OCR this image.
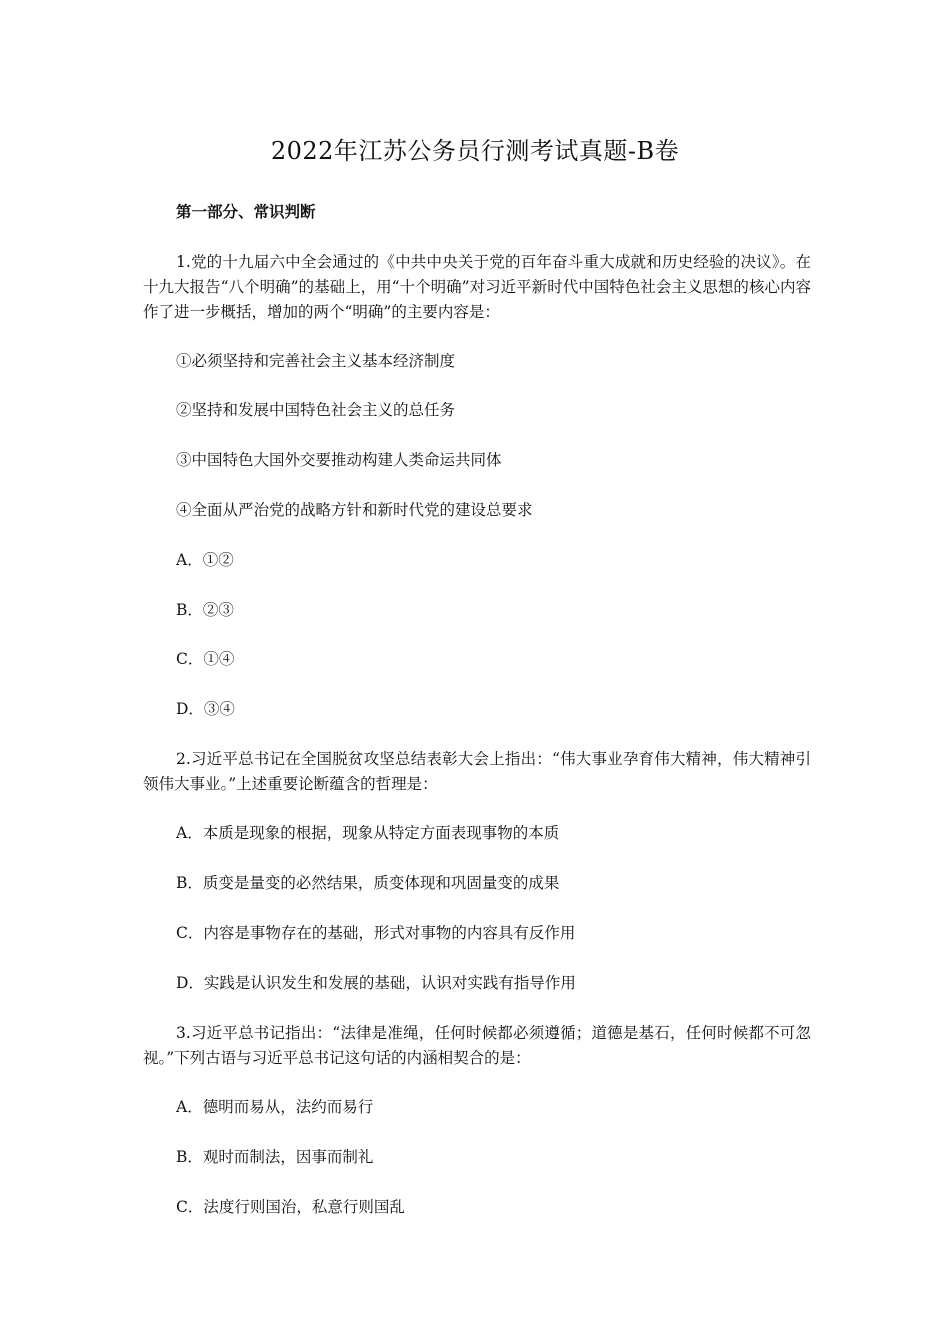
2022年江苏公务员行测考试真题-B卷
第一部分、常识判断

1.党的十九届六中全会通过的《中共中央关于党的百年奋斗重大成就和历史经验的决议》。在十九大报告“八个明确”的基础上，用“十个明确”对习近平新时代中国特色社会主义思想的核心内容作了进一步概括，增加的两个“明确”的主要内容是：

①必须坚持和完善社会主义基本经济制度
②坚持和发展中国特色社会主义的总任务
③中国特色大国外交要推动构建人类命运共同体
④全面从严治党的战略方针和新时代党的建设总要求
A．①②
B．②③
C．①④
D．③④

2.习近平总书记在全国脱贫攻坚总结表彰大会上指出：“伟大事业孕育伟大精神，伟大精神引领伟大事业。”上述重要论断蕴含的哲理是：

A．本质是现象的根据，现象从特定方面表现事物的本质
B．质变是量变的必然结果，质变体现和巩固量变的成果
C．内容是事物存在的基础，形式对事物的内容具有反作用
D．实践是认识发生和发展的基础，认识对实践有指导作用

3.习近平总书记指出：“法律是准绳，任何时候都必须遵循；道德是基石，任何时候都不可忽视。”下列古语与习近平总书记这句话的内涵相契合的是：

A．德明而易从，法约而易行
B．观时而制法，因事而制礼
C．法度行则国治，私意行则国乱
